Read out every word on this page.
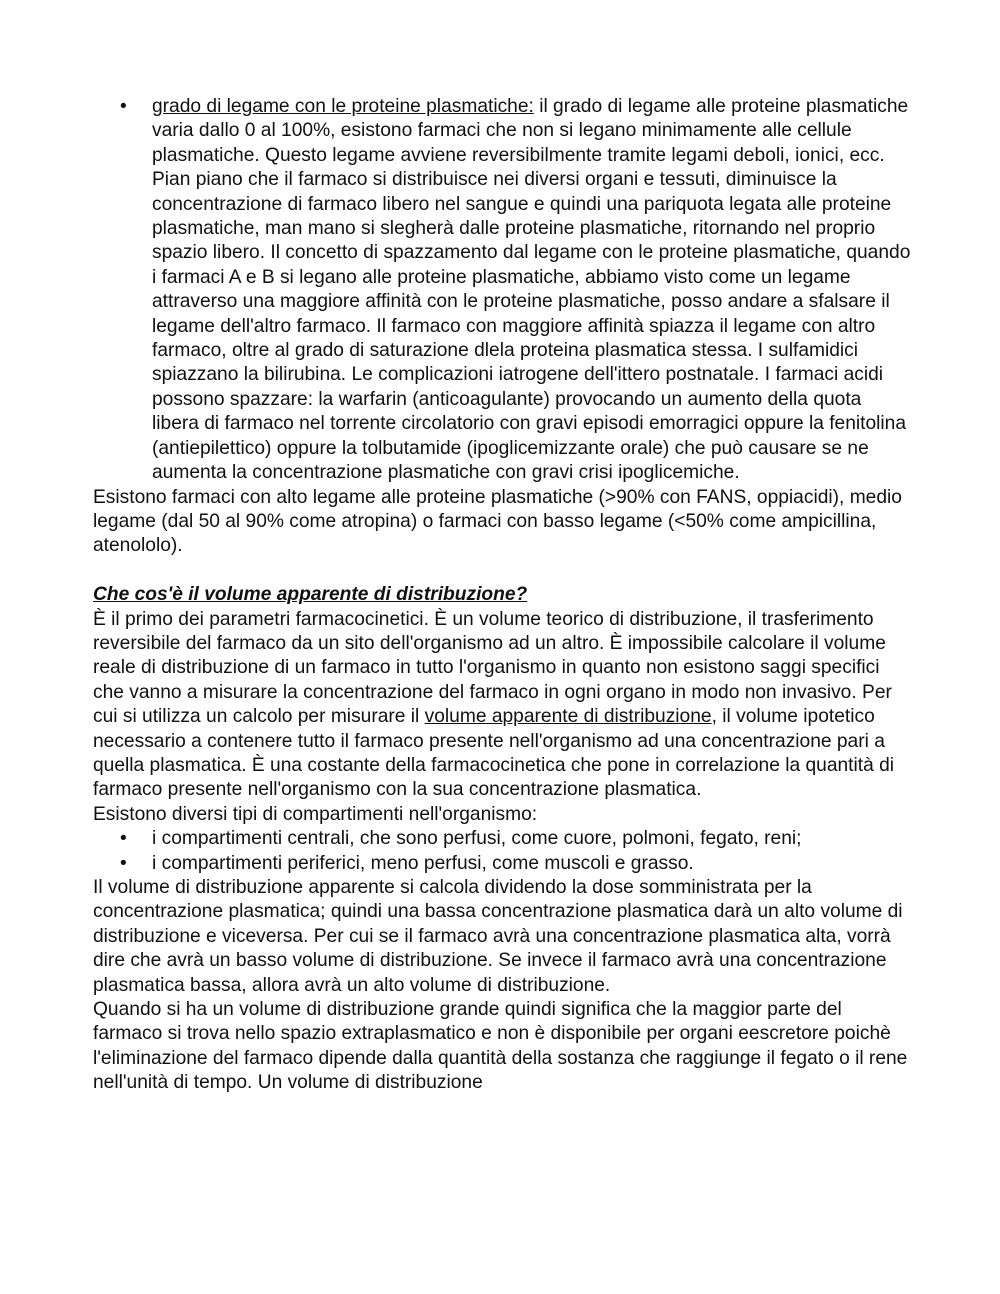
• grado di legame con le proteine plasmatiche: il grado di legame alle proteine plasmatiche varia dallo 0 al 100%, esistono farmaci che non si legano minimamente alle cellule plasmatiche. Questo legame avviene reversibilmente tramite legami deboli, ionici, ecc. Pian piano che il farmaco si distribuisce nei diversi organi e tessuti, diminuisce la concentrazione di farmaco libero nel sangue e quindi una pariquota legata alle proteine plasmatiche, man mano si slegherà dalle proteine plasmatiche, ritornando nel proprio spazio libero. Il concetto di spazzamento dal legame con le proteine plasmatiche, quando i farmaci A e B si legano alle proteine plasmatiche, abbiamo visto come un legame attraverso una maggiore affinità con le proteine plasmatiche, posso andare a sfalsare il legame dell'altro farmaco. Il farmaco con maggiore affinità spiazza il legame con altro farmaco, oltre al grado di saturazione dlela proteina plasmatica stessa. I sulfamidici spiazzano la bilirubina. Le complicazioni iatrogene dell'ittero postnatale. I farmaci acidi possono spazzare: la warfarin (anticoagulante) provocando un aumento della quota libera di farmaco nel torrente circolatorio con gravi episodi emorragici oppure la fenitolina (antiepilettico) oppure la tolbutamide (ipoglicemizzante orale) che può causare se ne aumenta la concentrazione plasmatiche con gravi crisi ipoglicemiche.

Esistono farmaci con alto legame alle proteine plasmatiche (>90% con FANS, oppiacidi), medio legame (dal 50 al 90% come atropina) o farmaci con basso legame (<50% come ampicillina, atenololo).

Che cos'è il volume apparente di distribuzione?

È il primo dei parametri farmacocinetici. È un volume teorico di distribuzione, il trasferimento reversibile del farmaco da un sito dell'organismo ad un altro. È impossibile calcolare il volume reale di distribuzione di un farmaco in tutto l'organismo in quanto non esistono saggi specifici che vanno a misurare la concentrazione del farmaco in ogni organo in modo non invasivo. Per cui si utilizza un calcolo per misurare il volume apparente di distribuzione, il volume ipotetico necessario a contenere tutto il farmaco presente nell'organismo ad una concentrazione pari a quella plasmatica. È una costante della farmacocinetica che pone in correlazione la quantità di farmaco presente nell'organismo con la sua concentrazione plasmatica.

Esistono diversi tipi di compartimenti nell'organismo:

• i compartimenti centrali, che sono perfusi, come cuore, polmoni, fegato, reni;
• i compartimenti periferici, meno perfusi, come muscoli e grasso.

Il volume di distribuzione apparente si calcola dividendo la dose somministrata per la concentrazione plasmatica; quindi una bassa concentrazione plasmatica darà un alto volume di distribuzione e viceversa. Per cui se il farmaco avrà una concentrazione plasmatica alta, vorrà dire che avrà un basso volume di distribuzione. Se invece il farmaco avrà una concentrazione plasmatica bassa, allora avrà un alto volume di distribuzione.

Quando si ha un volume di distribuzione grande quindi significa che la maggior parte del farmaco si trova nello spazio extraplasmatico e non è disponibile per organi eescretore poichè l'eliminazione del farmaco dipende dalla quantità della sostanza che raggiunge il fegato o il rene nell'unità di tempo. Un volume di distribuzione
